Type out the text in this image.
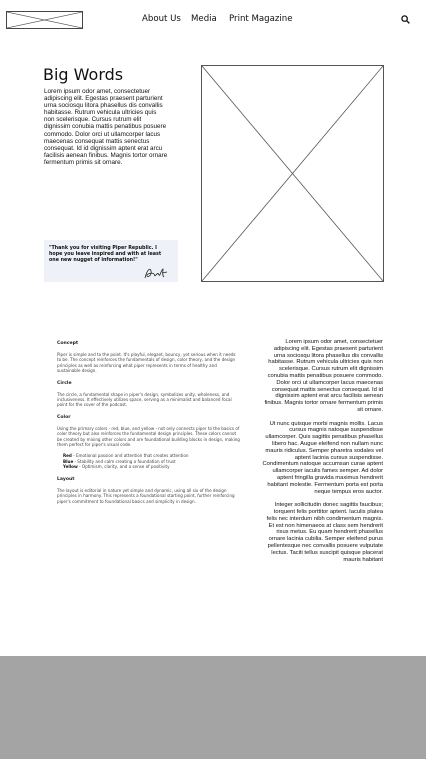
About Us Media Print Magazine
Big Words

Lorem ipsum odor amet, consectetuer adipiscing elit. Egestas praesent parturient urna sociosqu litora phasellus dis convallis habitasse. Rutrum vehicula ultricies quis non scelerisque. Cursus rutrum elit dignissim conubia mattis penatibus posuere commodo. Dolor orci ut ullamcorper lacus maecenas consequat mattis senectus consequat. Id id dignissim aptent erat arcu facilisis aenean finibus. Magnis tortor ornare fermentum primis sit ornare.

"Thank you for visiting Piper Republic. I hope you leave inspired and with at least one new nugget of information!"

Concept

Piper is simple and to the point. It's playful, elegant, bouncy, yet serious when it needs to be. The concept reinforces the fundamentals of design, color theory, and the design principles as well as reinforcing what piper represents in terms of healthy and sustainable design.

Circle

The circle, a fundamental shape in piper's design, symbolizes unity, wholeness, and inclusiveness. It effectively utilizes space, serving as a minimalist and balanced focal point for the cover of the podcast.

Color

Using the primary colors - red, blue, and yellow - not only connects piper to the basics of color theory but also reinforces the fundamental design principles. These colors cannot be created by mixing other colors and are foundational building blocks in design, making them perfect for piper's visual code.

Red - Emotional passion and attention that creates attention
Blue - Stability and calm creating a foundation of trust
Yellow - Optimism, clarity, and a sense of positivity
Layout

The layout is editorial in nature yet simple and dynamic, using all six of the design principles in harmony. This represents a foundational starting point, further reinforcing piper's commitment to foundational basics and simplicity in design.

Lorem ipsum odor amet, consectetuer adipiscing elit. Egestas praesent parturient urna sociosqu litora phasellus dis convallis habitasse. Rutrum vehicula ultricies quis non scelerisque. Cursus rutrum elit dignissim conubia mattis penatibus posuere commodo. Dolor orci ut ullamcorper lacus maecenas consequat mattis senectus consequat. Id id dignissim aptent erat arcu facilisis aenean finibus. Magnis tortor ornare fermentum primis sit ornare.

Ut nunc quisque morbi magnis mollis. Lacus cursus magnis natoque suspendisse ullamcorper. Quis sagittis penatibus phasellus libero hac. Augue eleifend non nullam nunc mauris ridiculus. Semper pharetra sodales vel aptent lacinia cursus suspendisse. Condimentum natoque accumsan curae aptent ullamcorper iaculis fames semper. Ad dolor aptent fringilla gravida maximus hendrerit habitant molestie. Fermentum porta est porta neque tempus eros auctor.

Integer sollicitudin donec sagittis faucibus; torquent felis porttitor aptent. Iaculis platea felis nec interdum nibh condimentum magnis. Et est non himenaeos at class sem hendrerit risus metus. Eu quam hendrerit phasellus ornare lacinia cubilia. Semper eleifend purus pellentesque nec convallis posuere vulputate lectus. Taciti tellus suscipit quisque placerat mauris habitant
